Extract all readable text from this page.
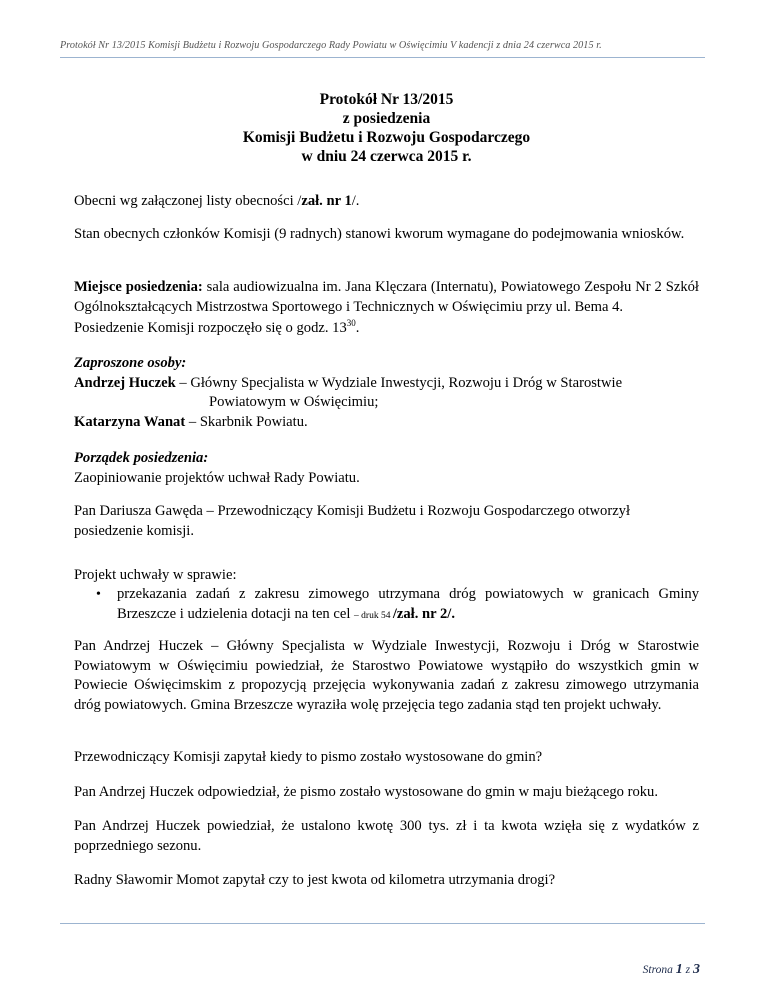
Protokół Nr 13/2015 Komisji Budżetu i Rozwoju Gospodarczego Rady Powiatu w Oświęcimiu V kadencji z dnia 24 czerwca 2015 r.
Protokół Nr 13/2015
z posiedzenia
Komisji Budżetu i Rozwoju Gospodarczego
w dniu 24 czerwca 2015 r.
Obecni wg załączonej listy obecności /zał. nr 1/.
Stan obecnych członków Komisji (9 radnych) stanowi kworum wymagane do podejmowania wniosków.
Miejsce posiedzenia: sala audiowizualna im. Jana Klęczara (Internatu), Powiatowego Zespołu Nr 2 Szkół Ogólnokształcących Mistrzostwa Sportowego i Technicznych w Oświęcimiu przy ul. Bema 4.
Posiedzenie Komisji rozpoczęło się o godz. $13^{30}$.
Zaproszone osoby:
Andrzej Huczek – Główny Specjalista w Wydziale Inwestycji, Rozwoju i Dróg w Starostwie
Powiatowym w Oświęcimiu;
Katarzyna Wanat – Skarbnik Powiatu.
Porządek posiedzenia:
Zaopiniowanie projektów uchwał Rady Powiatu.
Pan Dariusza Gawęda – Przewodniczący Komisji Budżetu i Rozwoju Gospodarczego otworzył posiedzenie komisji.
Projekt uchwały w sprawie:
•	przekazania zadań z zakresu zimowego utrzymana dróg powiatowych w granicach Gminy Brzeszcze i udzielenia dotacji na ten cel – druk 54 /zał. nr 2/.
Pan Andrzej Huczek – Główny Specjalista w Wydziale Inwestycji, Rozwoju i Dróg w Starostwie Powiatowym w Oświęcimiu powiedział, że Starostwo Powiatowe wystąpiło do wszystkich gmin w Powiecie Oświęcimskim z propozycją przejęcia wykonywania zadań z zakresu zimowego utrzymania dróg powiatowych. Gmina Brzeszcze wyraziła wolę przejęcia tego zadania stąd ten projekt uchwały.
Przewodniczący Komisji zapytał kiedy to pismo zostało wystosowane do gmin?
Pan Andrzej Huczek odpowiedział, że pismo zostało wystosowane do gmin w maju bieżącego roku.
Pan Andrzej Huczek powiedział, że ustalono kwotę 300 tys. zł i ta kwota wzięła się z wydatków z poprzedniego sezonu.
Radny Sławomir Momot zapytał czy to jest kwota od kilometra utrzymania drogi?
Strona 1 z 3
